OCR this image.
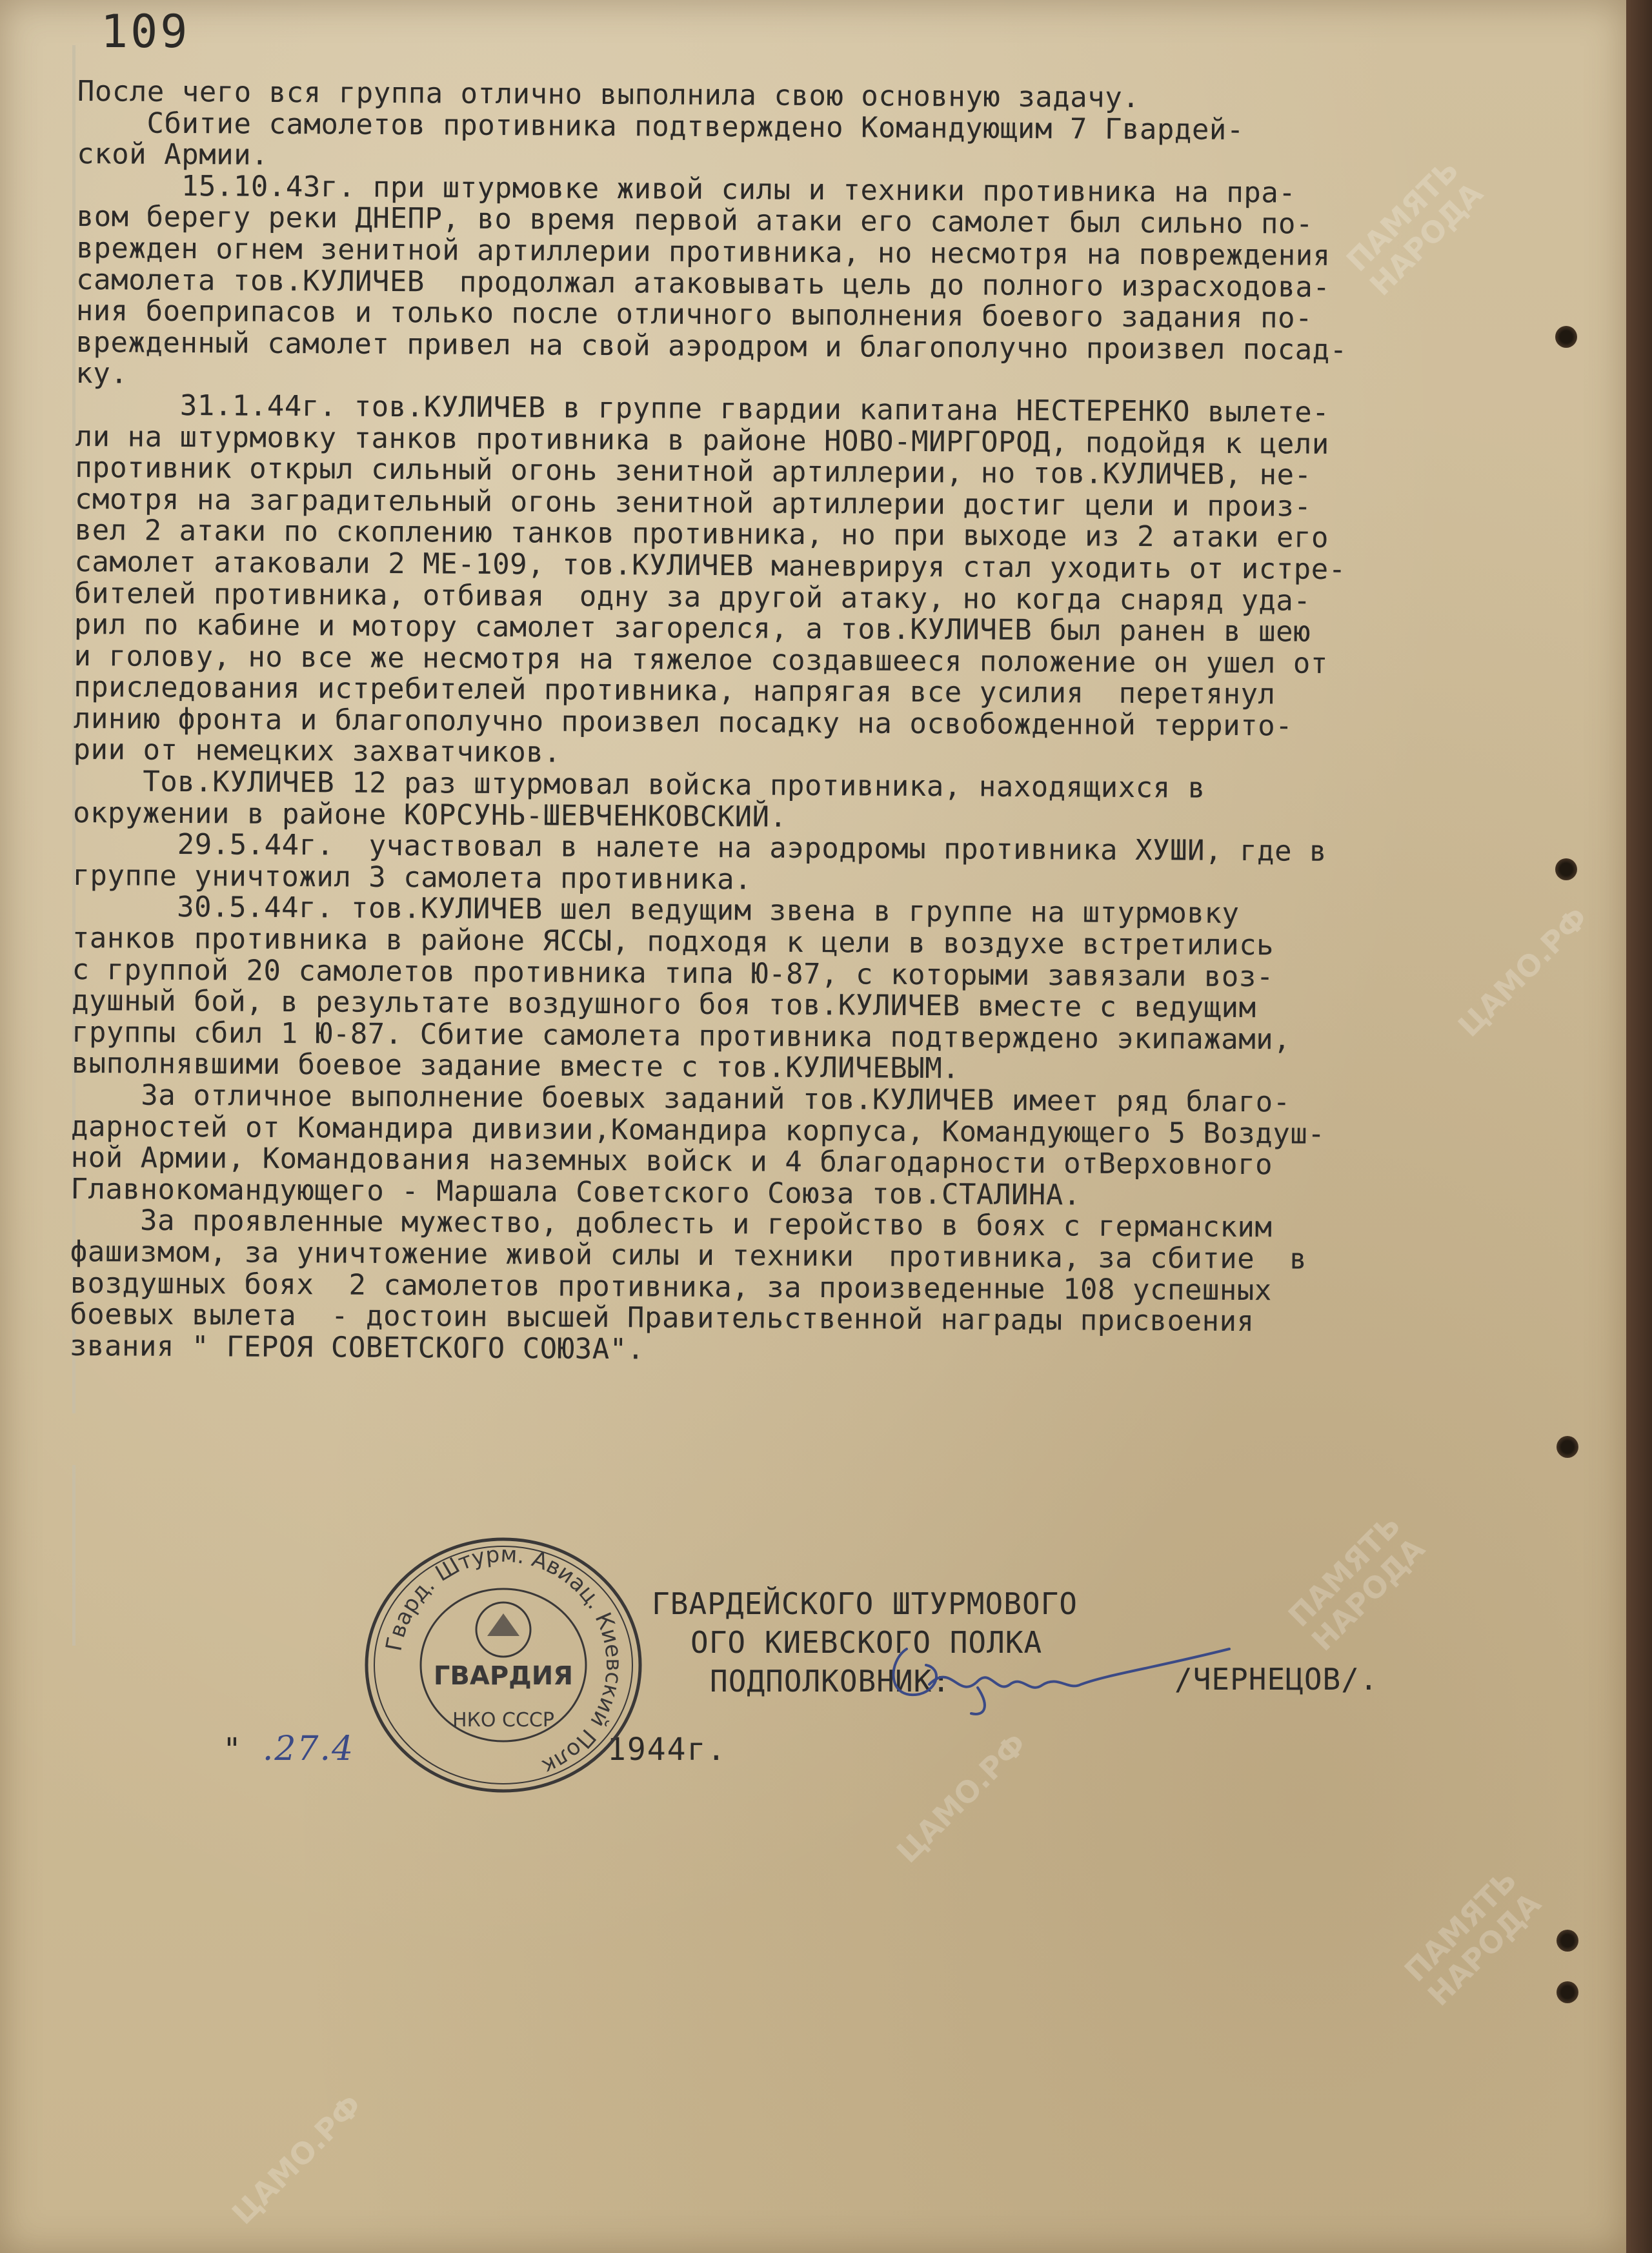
109

После чего вся группа отлично выполнила свою основную задачу.

Сбитие самолетов противника подтверждено Командующим 7 Гвардей-
ской Армии.

15.10.43г. при штурмовке живой силы и техники противника на пра-
вом берегу реки ДНЕПР, во время первой атаки его самолет был сильно по-
врежден огнем зенитной артиллерии противника, но несмотря на повреждения
самолета тов.КУЛИЧЕВ  продолжал атаковывать цель до полного израсходова-
ния боеприпасов и только после отличного выполнения боевого задания по-
врежденный самолет привел на свой аэродром и благополучно произвел посад-
ку.

31.1.44г. тов.КУЛИЧЕВ в группе гвардии капитана НЕСТЕРЕНКО вылете-
ли на штурмовку танков противника в районе НОВО-МИРГОРОД, подойдя к цели
противник открыл сильный огонь зенитной артиллерии, но тов.КУЛИЧЕВ, не-
смотря на заградительный огонь зенитной артиллерии достиг цели и произ-
вел 2 атаки по скоплению танков противника, но при выходе из 2 атаки его
самолет атаковали 2 МЕ-109, тов.КУЛИЧЕВ маневрируя стал уходить от истре-
бителей противника, отбивая  одну за другой атаку, но когда снаряд уда-
рил по кабине и мотору самолет загорелся, а тов.КУЛИЧЕВ был ранен в шею
и голову, но все же несмотря на тяжелое создавшееся положение он ушел от
приследования истребителей противника, напрягая все усилия  перетянул
линию фронта и благополучно произвел посадку на освобожденной террито-
рии от немецких захватчиков.

Тов.КУЛИЧЕВ 12 раз штурмовал войска противника, находящихся в
окружении в районе КОРСУНЬ-ШЕВЧЕНКОВСКИЙ.

29.5.44г.  участвовал в налете на аэродромы противника ХУШИ, где в
группе уничтожил 3 самолета противника.

30.5.44г. тов.КУЛИЧЕВ шел ведущим звена в группе на штурмовку
танков противника в районе ЯССЫ, подходя к цели в воздухе встретились
с группой 20 самолетов противника типа Ю-87, с которыми завязали воз-
душный бой, в результате воздушного боя тов.КУЛИЧЕВ вместе с ведущим
группы сбил 1 Ю-87. Сбитие самолета противника подтверждено экипажами,
выполнявшими боевое задание вместе с тов.КУЛИЧЕВЫМ.

За отличное выполнение боевых заданий тов.КУЛИЧЕВ имеет ряд благо-
дарностей от Командира дивизии,Командира корпуса, Командующего 5 Воздуш-
ной Армии, Командования наземных войск и 4 благодарности отВерховного
Главнокомандующего - Маршала Советского Союза тов.СТАЛИНА.

За проявленные мужество, доблесть и геройство в боях с германским
фашизмом, за уничтожение живой силы и техники  противника, за сбитие  в
воздушных боях  2 самолетов противника, за произведенные 108 успешных
боевых вылета  - достоин высшей Правительственной награды присвоения
звания " ГЕРОЯ СОВЕТСКОГО СОЮЗА".

ГВАРДЕЙСКОГО ШТУРМОВОГО
ОГО КИЕВСКОГО ПОЛКА
ПОДПОЛКОВНИК:	/ЧЕРНЕЦОВ/.
" .27.4	1944г.
Гвард. Штурм. Авиац. Киевский Полк
ГВАРДИЯ
НКО СССР
ПАМЯТЬ
НАРОДА
ЦАМО.РФ
ПАМЯТЬ
НАРОДА
ЦАМО.РФ
ПАМЯТЬ
НАРОДА
ЦАМО.РФ
